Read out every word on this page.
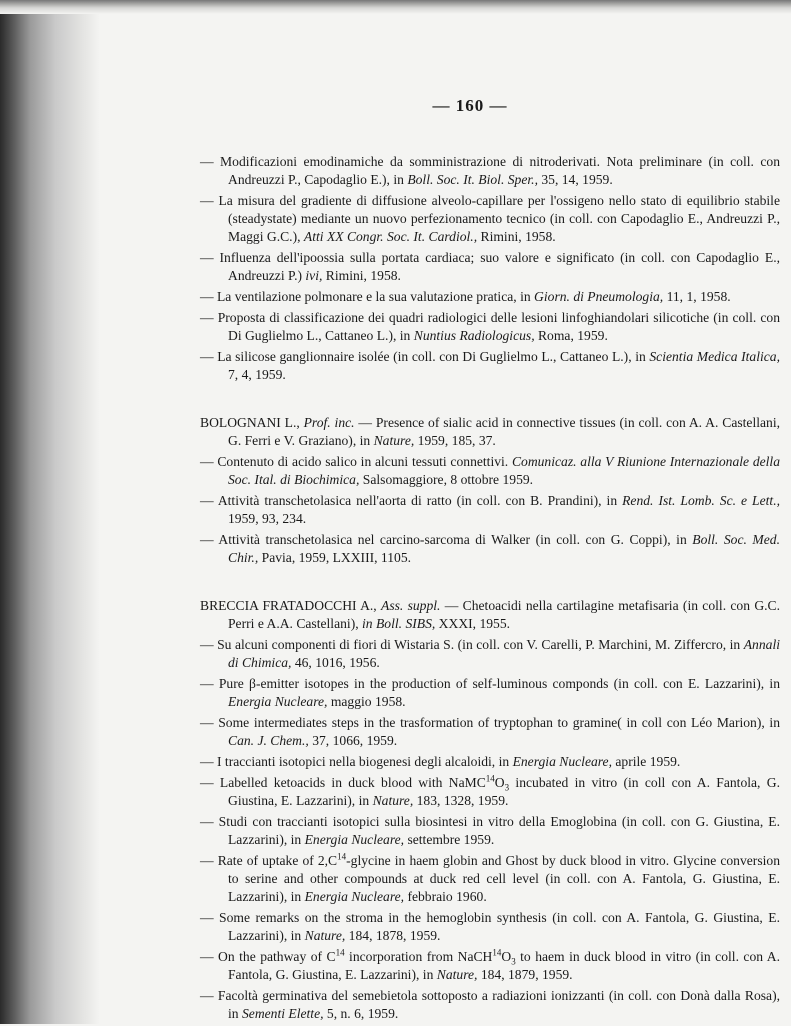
— 160 —
— Modificazioni emodinamiche da somministrazione di nitroderivati. Nota preliminare (in coll. con Andreuzzi P., Capodaglio E.), in Boll. Soc. It. Biol. Sper., 35, 14, 1959.
— La misura del gradiente di diffusione alveolo-capillare per l'ossigeno nello stato di equilibrio stabile (steadystate) mediante un nuovo perfezionamento tecnico (in coll. con Capodaglio E., Andreuzzi P., Maggi G.C.), Atti XX Congr. Soc. It. Cardiol., Rimini, 1958.
— Influenza dell'ipoossia sulla portata cardiaca; suo valore e significato (in coll. con Capodaglio E., Andreuzzi P.) ivi, Rimini, 1958.
— La ventilazione polmonare e la sua valutazione pratica, in Giorn. di Pneumologia, 11, 1, 1958.
— Proposta di classificazione dei quadri radiologici delle lesioni linfoghiandolari silicotiche (in coll. con Di Guglielmo L., Cattaneo L.), in Nuntius Radiologicus, Roma, 1959.
— La silicose ganglionnaire isolée (in coll. con Di Guglielmo L., Cattaneo L.), in Scientia Medica Italica, 7, 4, 1959.
BOLOGNANI L., Prof. inc. — Presence of sialic acid in connective tissues (in coll. con A. A. Castellani, G. Ferri e V. Graziano), in Nature, 1959, 185, 37.
— Contenuto di acido salico in alcuni tessuti connettivi. Comunicaz. alla V Riunione Internazionale della Soc. Ital. di Biochimica, Salsomaggiore, 8 ottobre 1959.
— Attività transchetolasica nell'aorta di ratto (in coll. con B. Prandini), in Rend. Ist. Lomb. Sc. e Lett., 1959, 93, 234.
— Attività transchetolasica nel carcino-sarcoma di Walker (in coll. con G. Coppi), in Boll. Soc. Med. Chir., Pavia, 1959, LXXIII, 1105.
BRECCIA FRATADOCCHI A., Ass. suppl. — Chetoacidi nella cartilagine metafisaria (in coll. con G.C. Perri e A.A. Castellani), in Boll. SIBS, XXXI, 1955.
— Su alcuni componenti di fiori di Wistaria S. (in coll. con V. Carelli, P. Marchini, M. Ziffercro, in Annali di Chimica, 46, 1016, 1956.
— Pure β-emitter isotopes in the production of self-luminous componds (in coll. con E. Lazzarini), in Energia Nucleare, maggio 1958.
— Some intermediates steps in the trasformation of tryptophan to gramine( in coll con Léo Marion), in Can. J. Chem., 37, 1066, 1959.
— I traccianti isotopici nella biogenesi degli alcaloidi, in Energia Nucleare, aprile 1959.
— Labelled ketoacids in duck blood with $NaMC^{14}O_3$ incubated in vitro (in coll con A. Fantola, G. Giustina, E. Lazzarini), in Nature, 183, 1328, 1959.
— Studi con traccianti isotopici sulla biosintesi in vitro della Emoglobina (in coll. con G. Giustina, E. Lazzarini), in Energia Nucleare, settembre 1959.
— Rate of uptake of $2,C^{14}$-glycine in haem globin and Ghost by duck blood in vitro. Glycine conversion to serine and other compounds at duck red cell level (in coll. con A. Fantola, G. Giustina, E. Lazzarini), in Energia Nucleare, febbraio 1960.
— Some remarks on the stroma in the hemoglobin synthesis (in coll. con A. Fantola, G. Giustina, E. Lazzarini), in Nature, 184, 1878, 1959.
— On the pathway of $C^{14}$ incorporation from $NaCH^{14}O_3$ to haem in duck blood in vitro (in coll. con A. Fantola, G. Giustina, E. Lazzarini), in Nature, 184, 1879, 1959.
— Facoltà germinativa del semebietola sottoposto a radiazioni ionizzanti (in coll. con Donà dalla Rosa), in Sementi Elette, 5, n. 6, 1959.
